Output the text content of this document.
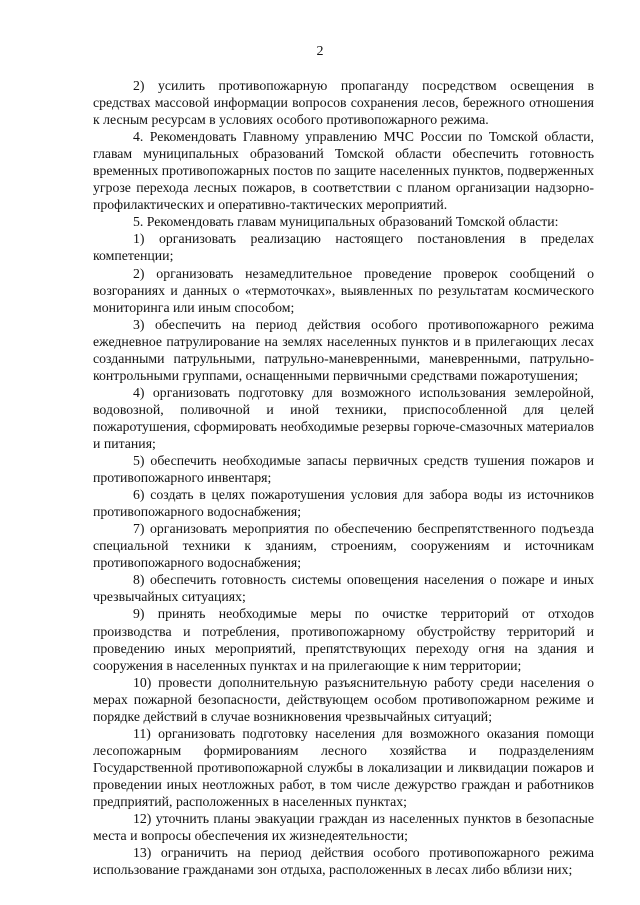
2

2) усилить противопожарную пропаганду посредством освещения в средствах массовой информации вопросов сохранения лесов, бережного отношения к лесным ресурсам в условиях особого противопожарного режима.

4. Рекомендовать Главному управлению МЧС России по Томской области, главам муниципальных образований Томской области обеспечить готовность временных противопожарных постов по защите населенных пунктов, подверженных угрозе перехода лесных пожаров, в соответствии с планом организации надзорно-профилактических и оперативно-тактических мероприятий.

5. Рекомендовать главам муниципальных образований Томской области:

1) организовать реализацию настоящего постановления в пределах компетенции;

2) организовать незамедлительное проведение проверок сообщений о возгораниях и данных о «термоточках», выявленных по результатам космического мониторинга или иным способом;

3) обеспечить на период действия особого противопожарного режима ежедневное патрулирование на землях населенных пунктов и в прилегающих лесах созданными патрульными, патрульно-маневренными, маневренными, патрульно-контрольными группами, оснащенными первичными средствами пожаротушения;

4) организовать подготовку для возможного использования землеройной, водовозной, поливочной и иной техники, приспособленной для целей пожаротушения, сформировать необходимые резервы горюче-смазочных материалов и питания;

5) обеспечить необходимые запасы первичных средств тушения пожаров и противопожарного инвентаря;

6) создать в целях пожаротушения условия для забора воды из источников противопожарного водоснабжения;

7) организовать мероприятия по обеспечению беспрепятственного подъезда специальной техники к зданиям, строениям, сооружениям и источникам противопожарного водоснабжения;

8) обеспечить готовность системы оповещения населения о пожаре и иных чрезвычайных ситуациях;

9) принять необходимые меры по очистке территорий от отходов производства и потребления, противопожарному обустройству территорий и проведению иных мероприятий, препятствующих переходу огня на здания и сооружения в населенных пунктах и на прилегающие к ним территории;

10) провести дополнительную разъяснительную работу среди населения о мерах пожарной безопасности, действующем особом противопожарном режиме и порядке действий в случае возникновения чрезвычайных ситуаций;

11) организовать подготовку населения для возможного оказания помощи лесопожарным формированиям лесного хозяйства и подразделениям Государственной противопожарной службы в локализации и ликвидации пожаров и проведении иных неотложных работ, в том числе дежурство граждан и работников предприятий, расположенных в населенных пунктах;

12) уточнить планы эвакуации граждан из населенных пунктов в безопасные места и вопросы обеспечения их жизнедеятельности;

13) ограничить на период действия особого противопожарного режима использование гражданами зон отдыха, расположенных в лесах либо вблизи них;
